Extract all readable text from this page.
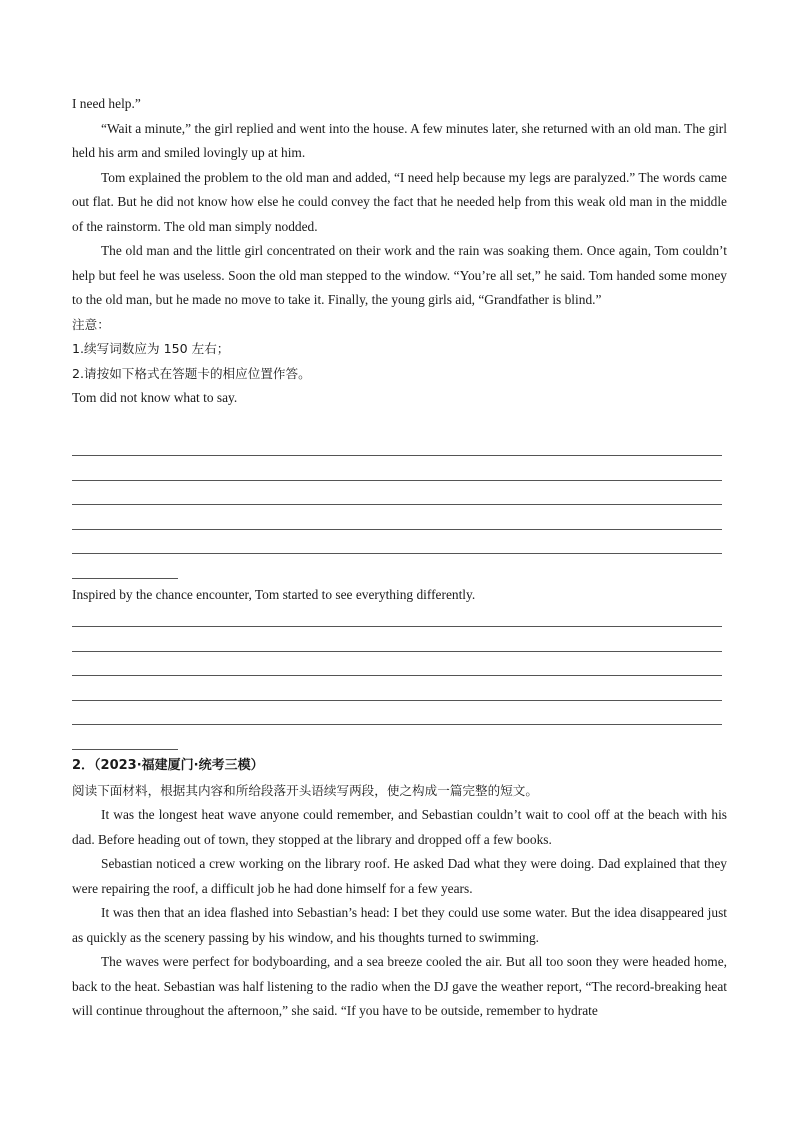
I need help.”

“Wait a minute,” the girl replied and went into the house. A few minutes later, she returned with an old man. The girl held his arm and smiled lovingly up at him.

Tom explained the problem to the old man and added, “I need help because my legs are paralyzed.” The words came out flat. But he did not know how else he could convey the fact that he needed help from this weak old man in the middle of the rainstorm. The old man simply nodded.

The old man and the little girl concentrated on their work and the rain was soaking them. Once again, Tom couldn’t help but feel he was useless. Soon the old man stepped to the window. “You’re all set,” he said. Tom handed some money to the old man, but he made no move to take it. Finally, the young girls aid, “Grandfather is blind.”

注意：

1.续写词数应为 150 左右；

2.请按如下格式在答题卡的相应位置作答。

Tom did not know what to say.

Inspired by the chance encounter, Tom started to see everything differently.

2．（2023·福建厦门·统考三模）

阅读下面材料，根据其内容和所给段落开头语续写两段，使之构成一篇完整的短文。

It was the longest heat wave anyone could remember, and Sebastian couldn’t wait to cool off at the beach with his dad. Before heading out of town, they stopped at the library and dropped off a few books.

Sebastian noticed a crew working on the library roof. He asked Dad what they were doing. Dad explained that they were repairing the roof, a difficult job he had done himself for a few years.

It was then that an idea flashed into Sebastian’s head: I bet they could use some water. But the idea disappeared just as quickly as the scenery passing by his window, and his thoughts turned to swimming.

The waves were perfect for bodyboarding, and a sea breeze cooled the air. But all too soon they were headed home, back to the heat. Sebastian was half listening to the radio when the DJ gave the weather report, “The record-breaking heat will continue throughout the afternoon,” she said. “If you have to be outside, remember to hydrate
